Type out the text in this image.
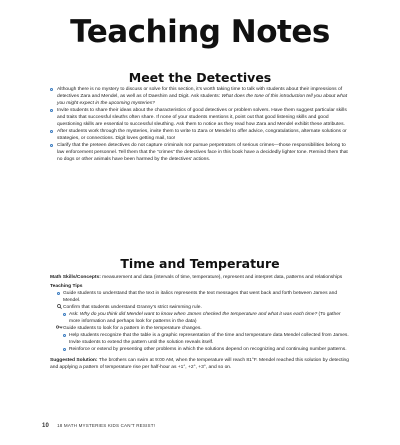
Teaching Notes
Meet the Detectives
Although there is no mystery to discuss or solve for this section, it’s worth taking time to talk with students about their impressions of detectives Zara and Mendel, as well as of Daeshim and Digit. Ask students: What does the tone of this introduction tell you about what you might expect in the upcoming mysteries?
Invite students to share their ideas about the characteristics of good detectives or problem solvers. Have them suggest particular skills and traits that successful sleuths often share. If none of your students mentions it, point out that good listening skills and good questioning skills are essential to successful sleuthing. Ask them to notice as they read how Zara and Mendel exhibit these attributes.
After students work through the mysteries, invite them to write to Zara or Mendel to offer advice, congratulations, alternate solutions or strategies, or connections. Digit loves getting mail, too!
Clarify that the preteen detectives do not capture criminals nor pursue perpetrators of serious crimes—those responsibilities belong to law enforcement personnel. Tell them that the “crimes” the detectives face in this book have a decidedly lighter tone. Remind them that no dogs or other animals have been harmed by the detectives’ actions.
Time and Temperature

Math Skills/Concepts: measurement and data (intervals of time, temperature), represent and interpret data, patterns and relationships

Teaching Tips
Guide students to understand that the text in italics represents the text messages that went back and forth between James and Mendel.
Confirm that students understand Granny’s strict swimming rule.
Ask: Why do you think did Mendel want to know when James checked the temperature and what it was each time? (To gather more information and perhaps look for patterns in the data)
Guide students to look for a pattern in the temperature changes.
Help students recognize that the table is a graphic representation of the time and temperature data Mendel collected from James. Invite students to extend the pattern until the solution reveals itself.
Reinforce or extend by presenting other problems in which the solutions depend on recognizing and continuing number patterns.

Suggested Solution: The brothers can swim at 9:00 AM, when the temperature will reach 81°F. Mendel reached this solution by detecting and applying a pattern of temperature rise per half-hour as +1°, +2°, +3°, and so on.

10 18 MATH MYSTERIES KIDS CAN’T RESIST!
